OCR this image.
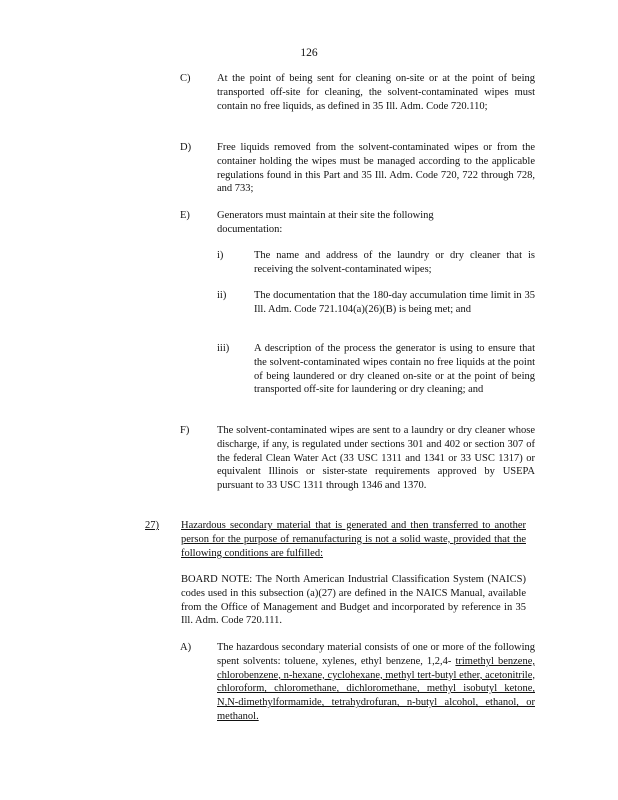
126
C)	At the point of being sent for cleaning on-site or at the point of being transported off-site for cleaning, the solvent-contaminated wipes must contain no free liquids, as defined in 35 Ill. Adm. Code 720.110;
D) Free liquids removed from the solvent-contaminated wipes or from the container holding the wipes must be managed according to the applicable regulations found in this Part and 35 Ill. Adm. Code 720, 722 through 728, and 733;
E)	Generators must maintain at their site the following documentation:
i)	The name and address of the laundry or dry cleaner that is receiving the solvent-contaminated wipes;
ii)	The documentation that the 180-day accumulation time limit in 35 Ill. Adm. Code 721.104(a)(26)(B) is being met; and
iii) A description of the process the generator is using to ensure that the solvent-contaminated wipes contain no free liquids at the point of being laundered or dry cleaned on-site or at the point of being transported off-site for laundering or dry cleaning; and
F)	The solvent-contaminated wipes are sent to a laundry or dry cleaner whose discharge, if any, is regulated under sections 301 and 402 or section 307 of the federal Clean Water Act (33 USC 1311 and 1341 or 33 USC 1317) or equivalent Illinois or sister-state requirements approved by USEPA pursuant to 33 USC 1311 through 1346 and 1370.
27) Hazardous secondary material that is generated and then transferred to another person for the purpose of remanufacturing is not a solid waste, provided that the following conditions are fulfilled:
BOARD NOTE: The North American Industrial Classification System (NAICS) codes used in this subsection (a)(27) are defined in the NAICS Manual, available from the Office of Management and Budget and incorporated by reference in 35 Ill. Adm. Code 720.111.
A) The hazardous secondary material consists of one or more of the following spent solvents: toluene, xylenes, ethyl benzene, 1,2,4- trimethyl benzene, chlorobenzene, n-hexane, cyclohexane, methyl tert-butyl ether, acetonitrile, chloroform, chloromethane, dichloromethane, methyl isobutyl ketone, N,N-dimethylformamide, tetrahydrofuran, n-butyl alcohol, ethanol, or methanol.
